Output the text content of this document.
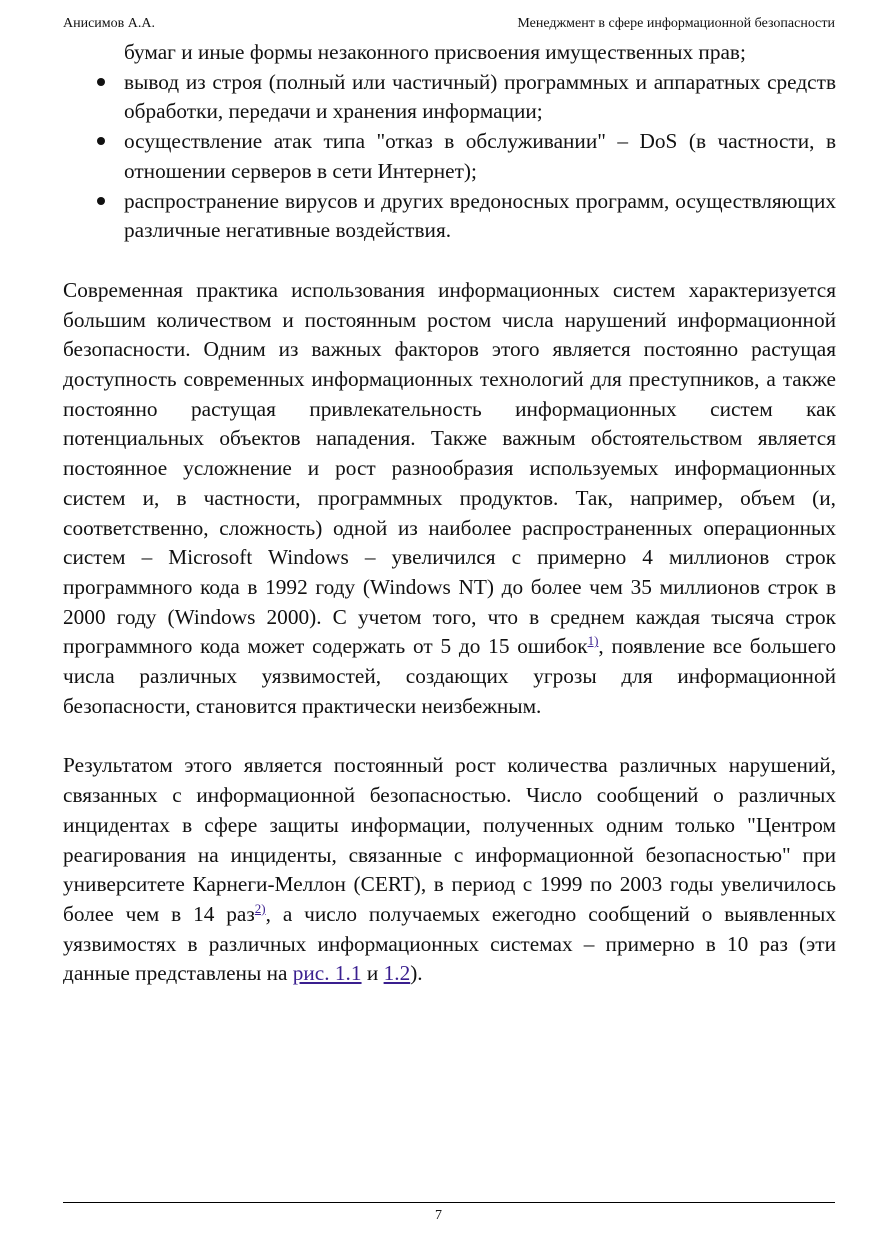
Анисимов А.А.	Менеджмент в сфере информационной безопасности
бумаг и иные формы незаконного присвоения имущественных прав;
вывод из строя (полный или частичный) программных и аппаратных средств обработки, передачи и хранения информации;
осуществление атак типа "отказ в обслуживании" – DoS (в частности, в отношении серверов в сети Интернет);
распространение вирусов и других вредоносных программ, осуществляющих различные негативные воздействия.

Современная практика использования информационных систем характеризуется большим количеством и постоянным ростом числа нарушений информационной безопасности. Одним из важных факторов этого является постоянно растущая доступность современных информационных технологий для преступников, а также постоянно растущая привлекательность информационных систем как потенциальных объектов нападения. Также важным обстоятельством является постоянное усложнение и рост разнообразия используемых информационных систем и, в частности, программных продуктов. Так, например, объем (и, соответственно, сложность) одной из наиболее распространенных операционных систем – Microsoft Windows – увеличился с примерно 4 миллионов строк программного кода в 1992 году (Windows NT) до более чем 35 миллионов строк в 2000 году (Windows 2000). С учетом того, что в среднем каждая тысяча строк программного кода может содержать от 5 до 15 ошибок$^{1)}$, появление все большего числа различных уязвимостей, создающих угрозы для информационной безопасности, становится практически неизбежным.

Результатом этого является постоянный рост количества различных нарушений, связанных с информационной безопасностью. Число сообщений о различных инцидентах в сфере защиты информации, полученных одним только "Центром реагирования на инциденты, связанные с информационной безопасностью" при университете Карнеги-Меллон (CERT), в период с 1999 по 2003 годы увеличилось более чем в 14 раз$^{2)}$, а число получаемых ежегодно сообщений о выявленных уязвимостях в различных информационных системах – примерно в 10 раз (эти данные представлены на рис. 1.1 и 1.2).

7
